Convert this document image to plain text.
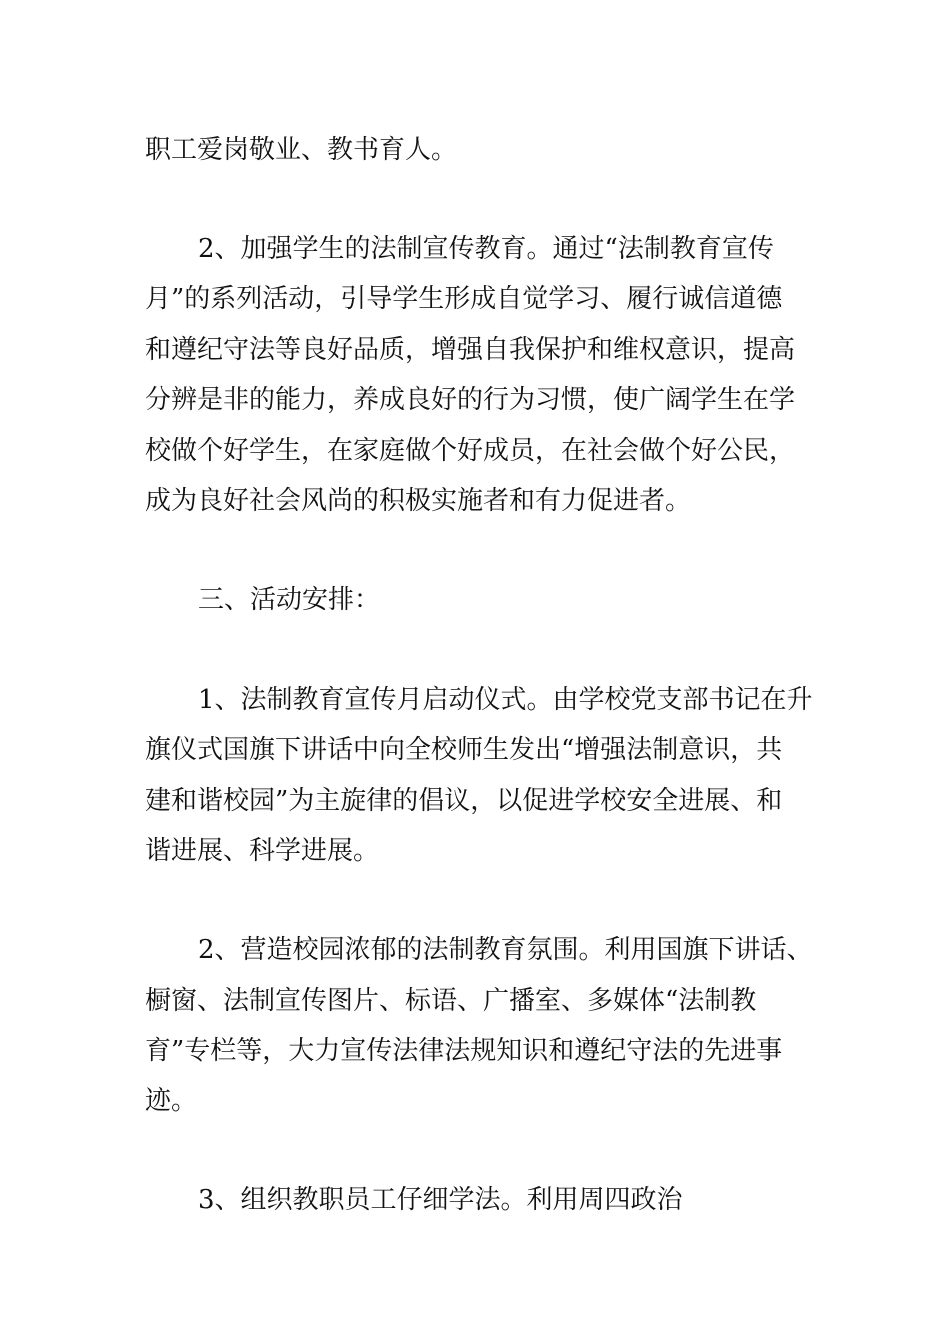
职工爱岗敬业、教书育人。

2、加强学生的法制宣传教育。通过“法制教育宣传

月”的系列活动，引导学生形成自觉学习、履行诚信道德

和遵纪守法等良好品质，增强自我保护和维权意识，提高

分辨是非的能力，养成良好的行为习惯，使广阔学生在学

校做个好学生，在家庭做个好成员，在社会做个好公民，

成为良好社会风尚的积极实施者和有力促进者。

三、活动安排：

1、法制教育宣传月启动仪式。由学校党支部书记在升

旗仪式国旗下讲话中向全校师生发出“增强法制意识，共

建和谐校园”为主旋律的倡议，以促进学校安全进展、和

谐进展、科学进展。

2、营造校园浓郁的法制教育氛围。利用国旗下讲话、

橱窗、法制宣传图片、标语、广播室、多媒体“法制教

育”专栏等，大力宣传法律法规知识和遵纪守法的先进事

迹。

3、组织教职员工仔细学法。利用周四政治
